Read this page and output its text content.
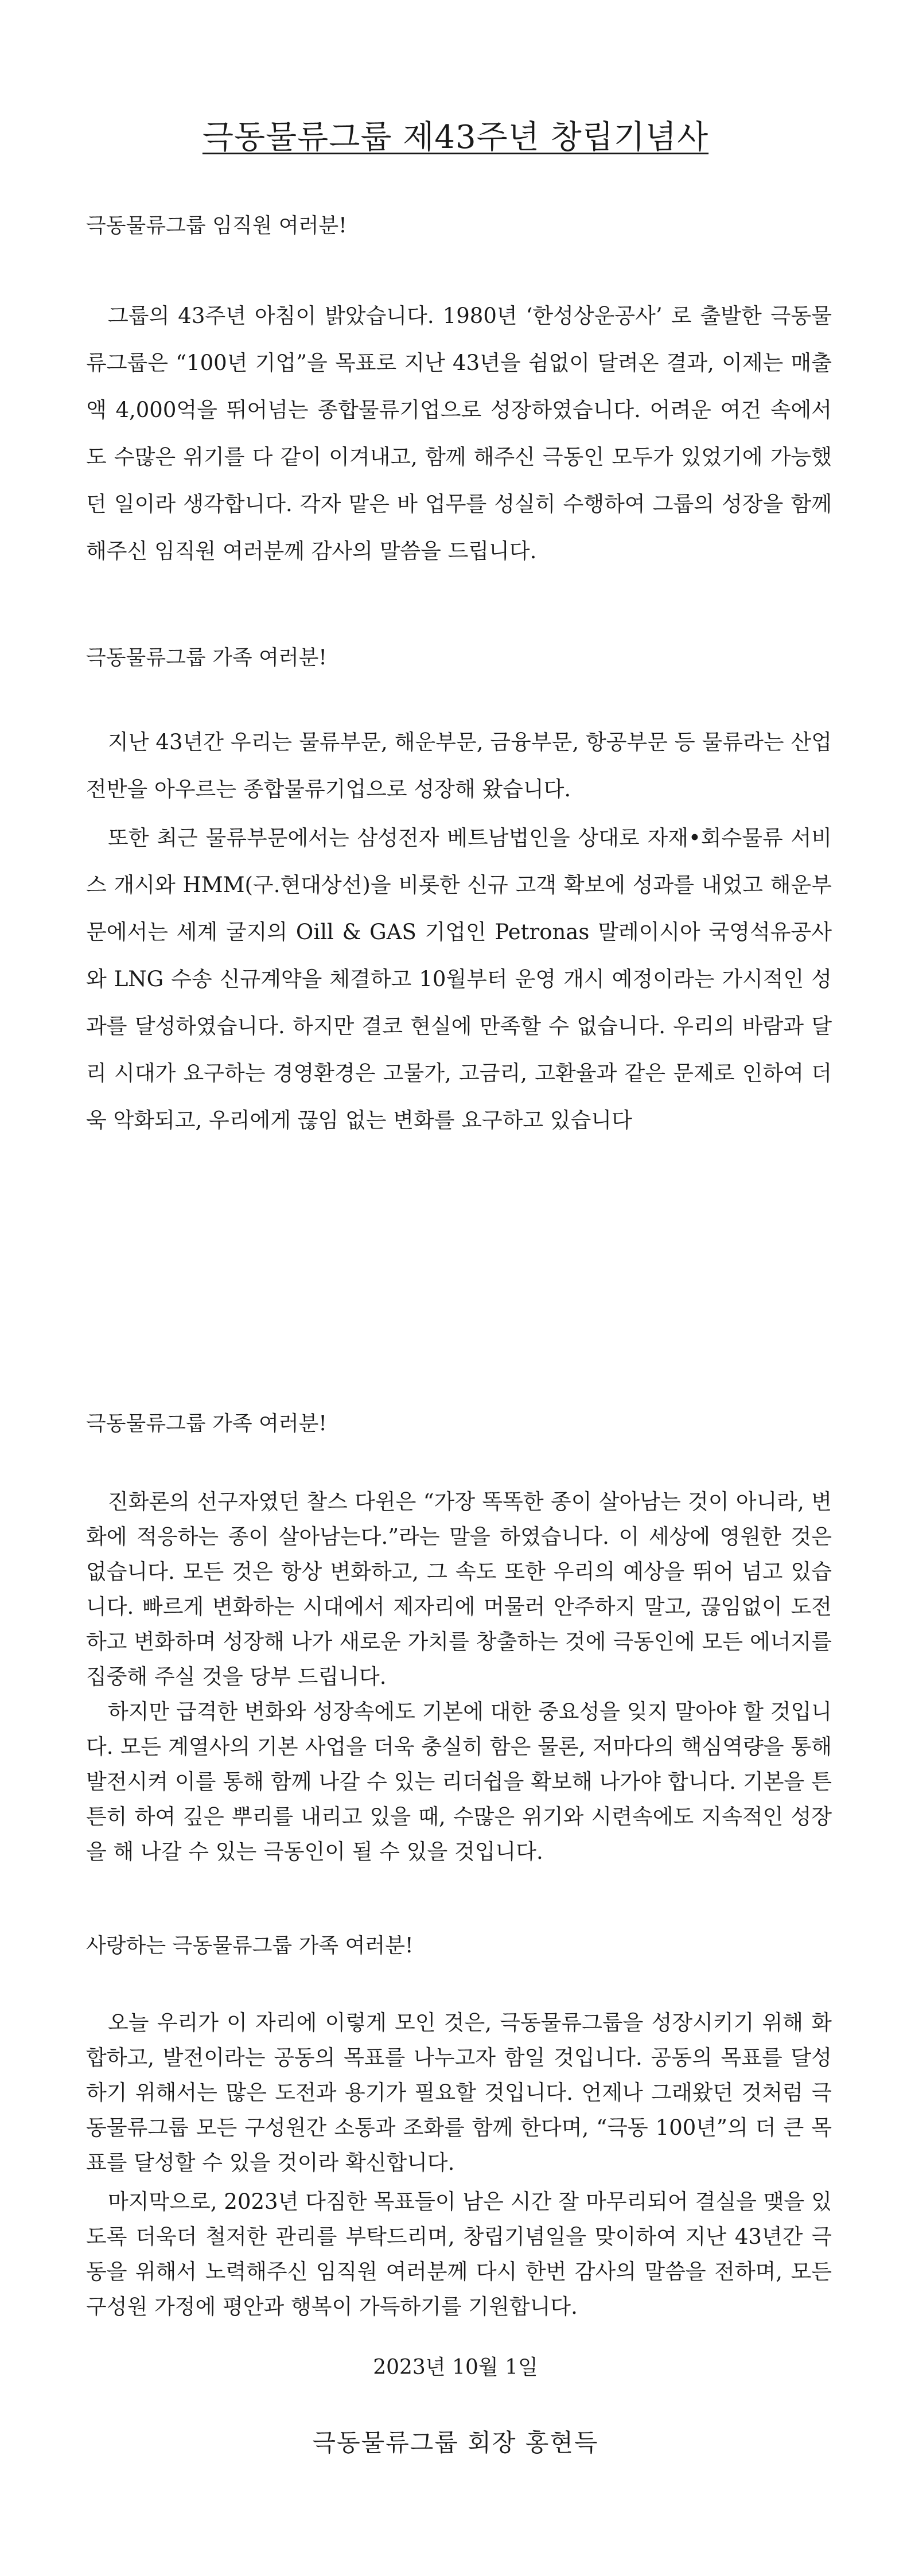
극동물류그룹 제43주년 창립기념사
극동물류그룹 임직원 여러분!

그룹의 43주년 아침이 밝았습니다. 1980년 ‘한성상운공사’ 로 출발한 극동물류그룹은 “100년 기업”을 목표로 지난 43년을 쉼없이 달려온 결과, 이제는 매출액 4,000억을 뛰어넘는 종합물류기업으로 성장하였습니다. 어려운 여건 속에서도 수많은 위기를 다 같이 이겨내고, 함께 해주신 극동인 모두가 있었기에 가능했던 일이라 생각합니다. 각자 맡은 바 업무를 성실히 수행하여 그룹의 성장을 함께 해주신 임직원 여러분께 감사의 말씀을 드립니다.

극동물류그룹 가족 여러분!

지난 43년간 우리는 물류부문, 해운부문, 금융부문, 항공부문 등 물류라는 산업전반을 아우르는 종합물류기업으로 성장해 왔습니다.

또한 최근 물류부문에서는 삼성전자 베트남법인을 상대로 자재•회수물류 서비스 개시와 HMM(구.현대상선)을 비롯한 신규 고객 확보에 성과를 내었고 해운부문에서는 세계 굴지의 Oill & GAS 기업인 Petronas 말레이시아 국영석유공사와 LNG 수송 신규계약을 체결하고 10월부터 운영 개시 예정이라는 가시적인 성과를 달성하였습니다. 하지만 결코 현실에 만족할 수 없습니다. 우리의 바람과 달리 시대가 요구하는 경영환경은 고물가, 고금리, 고환율과 같은 문제로 인하여 더욱 악화되고, 우리에게 끊임 없는 변화를 요구하고 있습니다

극동물류그룹 가족 여러분!

진화론의 선구자였던 찰스 다윈은 “가장 똑똑한 종이 살아남는 것이 아니라, 변화에 적응하는 종이 살아남는다.”라는 말을 하였습니다. 이 세상에 영원한 것은 없습니다. 모든 것은 항상 변화하고, 그 속도 또한 우리의 예상을 뛰어 넘고 있습니다. 빠르게 변화하는 시대에서 제자리에 머물러 안주하지 말고, 끊임없이 도전하고 변화하며 성장해 나가 새로운 가치를 창출하는 것에 극동인에 모든 에너지를 집중해 주실 것을 당부 드립니다.

하지만 급격한 변화와 성장속에도 기본에 대한 중요성을 잊지 말아야 할 것입니다. 모든 계열사의 기본 사업을 더욱 충실히 함은 물론, 저마다의 핵심역량을 통해 발전시켜 이를 통해 함께 나갈 수 있는 리더쉽을 확보해 나가야 합니다. 기본을 튼튼히 하여 깊은 뿌리를 내리고 있을 때, 수많은 위기와 시련속에도 지속적인 성장을 해 나갈 수 있는 극동인이 될 수 있을 것입니다.

사랑하는 극동물류그룹 가족 여러분!

오늘 우리가 이 자리에 이렇게 모인 것은, 극동물류그룹을 성장시키기 위해 화합하고, 발전이라는 공동의 목표를 나누고자 함일 것입니다. 공동의 목표를 달성하기 위해서는 많은 도전과 용기가 필요할 것입니다. 언제나 그래왔던 것처럼 극동물류그룹 모든 구성원간 소통과 조화를 함께 한다며, “극동 100년”의 더 큰 목표를 달성할 수 있을 것이라 확신합니다.

마지막으로, 2023년 다짐한 목표들이 남은 시간 잘 마무리되어 결실을 맺을 있도록 더욱더 철저한 관리를 부탁드리며, 창립기념일을 맞이하여 지난 43년간 극동을 위해서 노력해주신 임직원 여러분께 다시 한번 감사의 말씀을 전하며, 모든 구성원 가정에 평안과 행복이 가득하기를 기원합니다.

2023년 10월 1일
극동물류그룹 회장 홍현득
